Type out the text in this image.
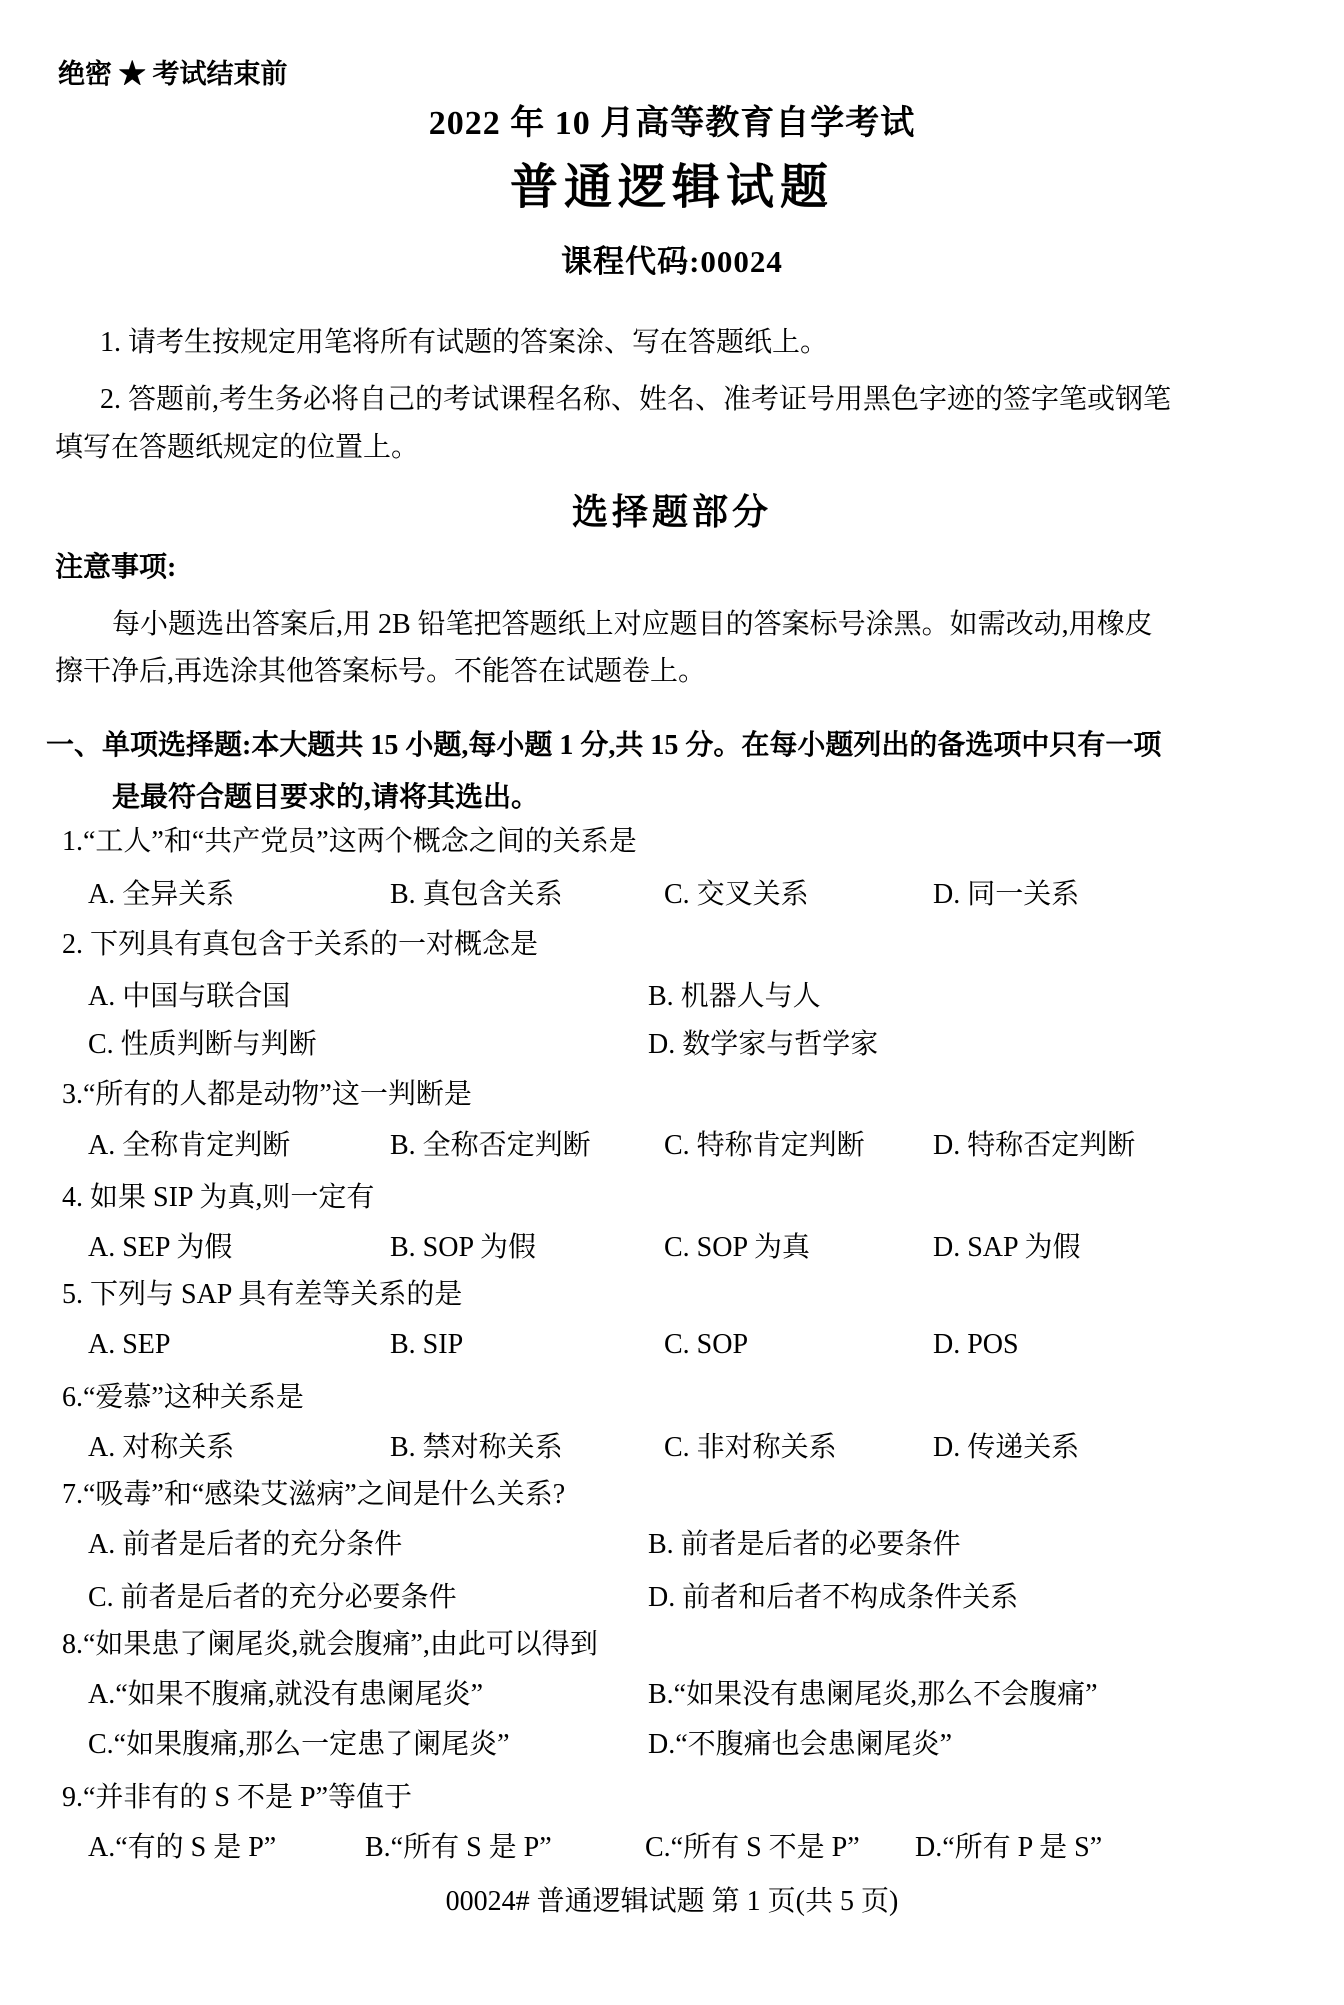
绝密 ★ 考试结束前
2022 年 10 月高等教育自学考试
普通逻辑试题
课程代码:00024
1. 请考生按规定用笔将所有试题的答案涂、写在答题纸上。
2. 答题前,考生务必将自己的考试课程名称、姓名、准考证号用黑色字迹的签字笔或钢笔
填写在答题纸规定的位置上。
选择题部分
注意事项:
每小题选出答案后,用 2B 铅笔把答题纸上对应题目的答案标号涂黑。如需改动,用橡皮
擦干净后,再选涂其他答案标号。不能答在试题卷上。
一、单项选择题:本大题共 15 小题,每小题 1 分,共 15 分。在每小题列出的备选项中只有一项
是最符合题目要求的,请将其选出。
1.“工人”和“共产党员”这两个概念之间的关系是
A. 全异关系	B. 真包含关系	C. 交叉关系	D. 同一关系
2. 下列具有真包含于关系的一对概念是
A. 中国与联合国	B. 机器人与人
C. 性质判断与判断	D. 数学家与哲学家
3.“所有的人都是动物”这一判断是
A. 全称肯定判断	B. 全称否定判断	C. 特称肯定判断	D. 特称否定判断
4. 如果 SIP 为真,则一定有
A. SEP 为假	B. SOP 为假	C. SOP 为真	D. SAP 为假
5. 下列与 SAP 具有差等关系的是
A. SEP	B. SIP	C. SOP	D. POS
6.“爱慕”这种关系是
A. 对称关系	B. 禁对称关系	C. 非对称关系	D. 传递关系
7.“吸毒”和“感染艾滋病”之间是什么关系?
A. 前者是后者的充分条件	B. 前者是后者的必要条件
C. 前者是后者的充分必要条件	D. 前者和后者不构成条件关系
8.“如果患了阑尾炎,就会腹痛”,由此可以得到
A.“如果不腹痛,就没有患阑尾炎”	B.“如果没有患阑尾炎,那么不会腹痛”
C.“如果腹痛,那么一定患了阑尾炎”	D.“不腹痛也会患阑尾炎”
9.“并非有的 S 不是 P”等值于
A.“有的 S 是 P”	B.“所有 S 是 P”	C.“所有 S 不是 P”	D.“所有 P 是 S”
00024# 普通逻辑试题 第 1 页(共 5 页)
